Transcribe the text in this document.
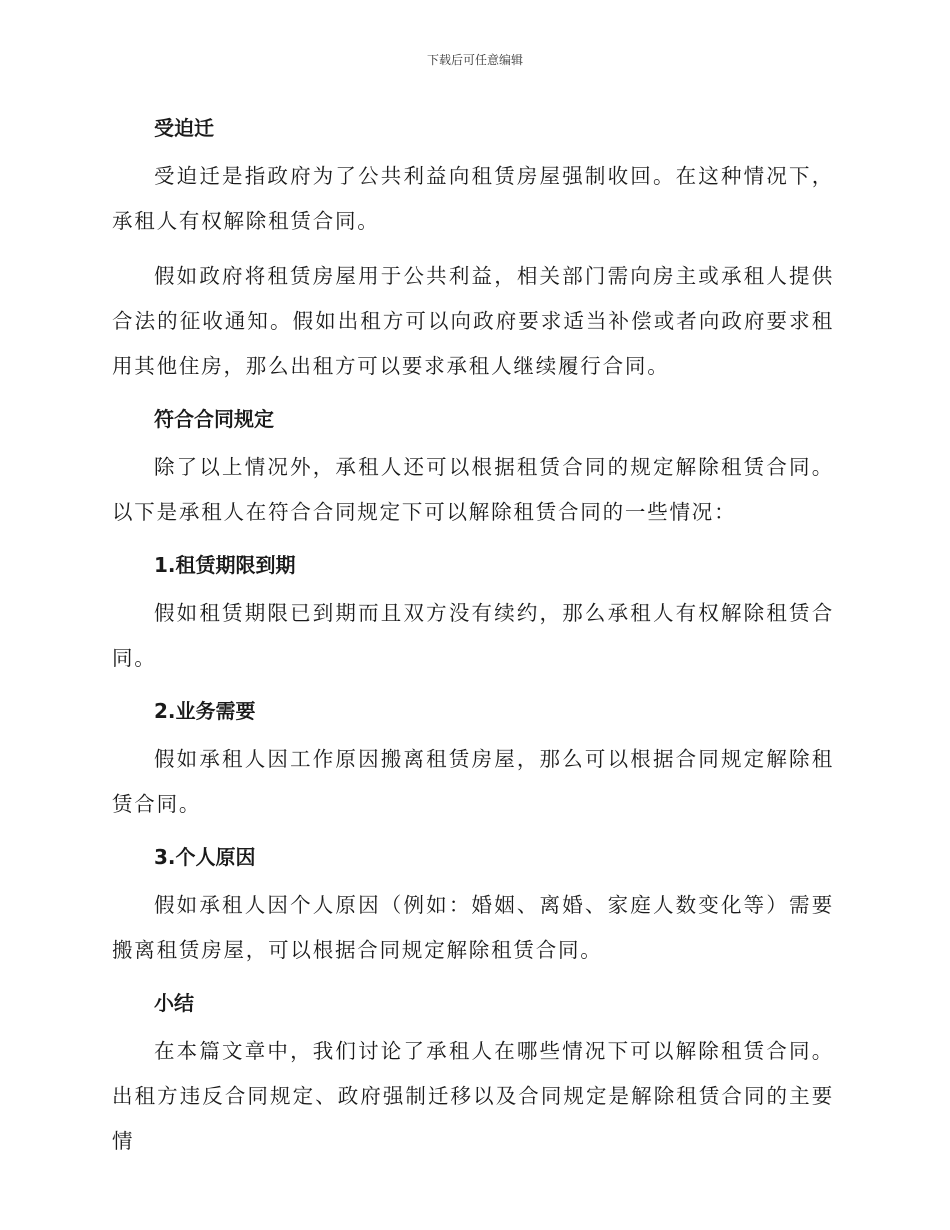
下载后可任意编辑
受迫迁
受迫迁是指政府为了公共利益向租赁房屋强制收回。在这种情况下，承租人有权解除租赁合同。
假如政府将租赁房屋用于公共利益，相关部门需向房主或承租人提供合法的征收通知。假如出租方可以向政府要求适当补偿或者向政府要求租用其他住房，那么出租方可以要求承租人继续履行合同。
符合合同规定
除了以上情况外，承租人还可以根据租赁合同的规定解除租赁合同。以下是承租人在符合合同规定下可以解除租赁合同的一些情况：
1.租赁期限到期
假如租赁期限已到期而且双方没有续约，那么承租人有权解除租赁合同。
2.业务需要
假如承租人因工作原因搬离租赁房屋，那么可以根据合同规定解除租赁合同。
3.个人原因
假如承租人因个人原因（例如：婚姻、离婚、家庭人数变化等）需要搬离租赁房屋，可以根据合同规定解除租赁合同。
小结
在本篇文章中，我们讨论了承租人在哪些情况下可以解除租赁合同。出租方违反合同规定、政府强制迁移以及合同规定是解除租赁合同的主要情
